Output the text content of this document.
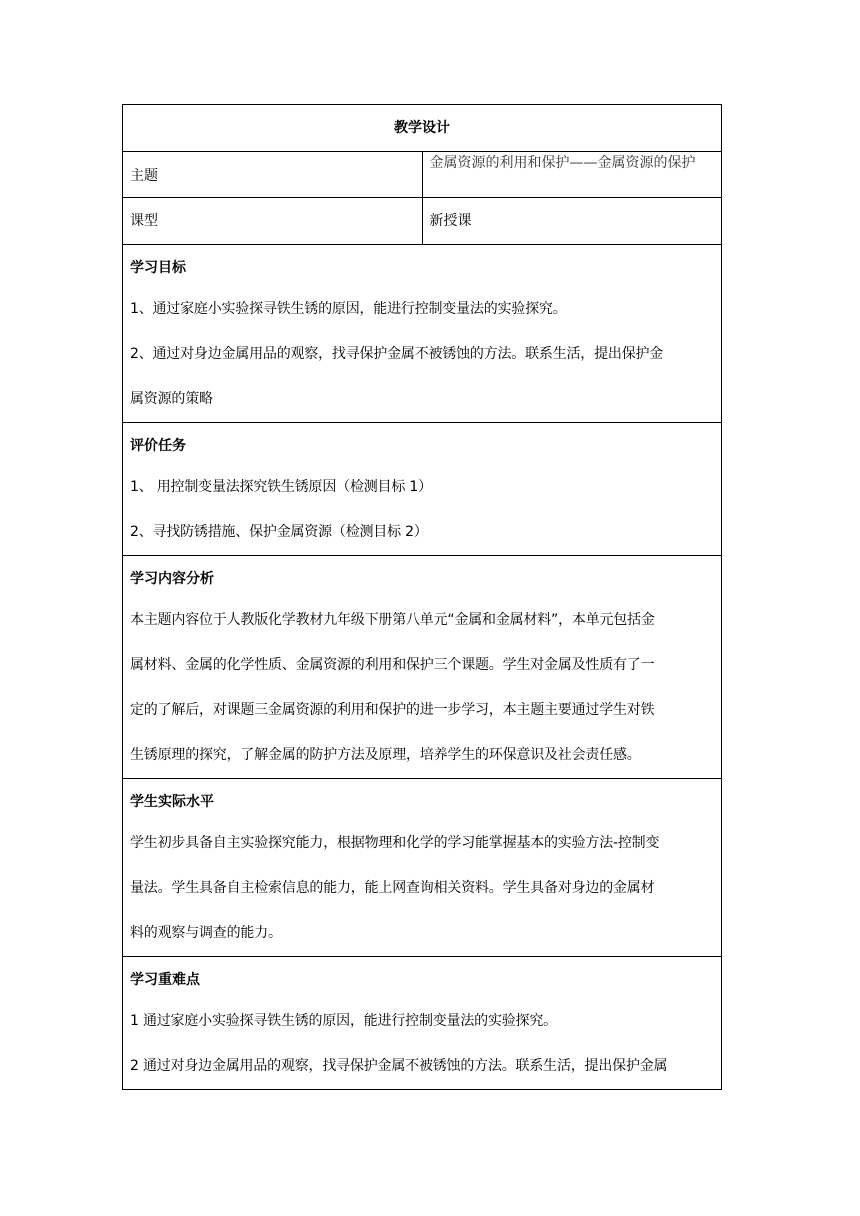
教学设计	
主题	金属资源的利用和保护——金属资源的保护
课型	新授课

学习目标
1、通过家庭小实验探寻铁生锈的原因，能进行控制变量法的实验探究。
2、通过对身边金属用品的观察，找寻保护金属不被锈蚀的方法。联系生活，提出保护金
属资源的策略	

评价任务
1、 用控制变量法探究铁生锈原因（检测目标 1）
2、寻找防锈措施、保护金属资源（检测目标 2）	

学习内容分析
本主题内容位于人教版化学教材九年级下册第八单元“金属和金属材料”，本单元包括金
属材料、金属的化学性质、金属资源的利用和保护三个课题。学生对金属及性质有了一
定的了解后，对课题三金属资源的利用和保护的进一步学习，本主题主要通过学生对铁
生锈原理的探究，了解金属的防护方法及原理，培养学生的环保意识及社会责任感。	

学生实际水平
学生初步具备自主实验探究能力，根据物理和化学的学习能掌握基本的实验方法-控制变
量法。学生具备自主检索信息的能力，能上网查询相关资料。学生具备对身边的金属材
料的观察与调查的能力。	

学习重难点
1 通过家庭小实验探寻铁生锈的原因，能进行控制变量法的实验探究。
2 通过对身边金属用品的观察，找寻保护金属不被锈蚀的方法。联系生活，提出保护金属	
